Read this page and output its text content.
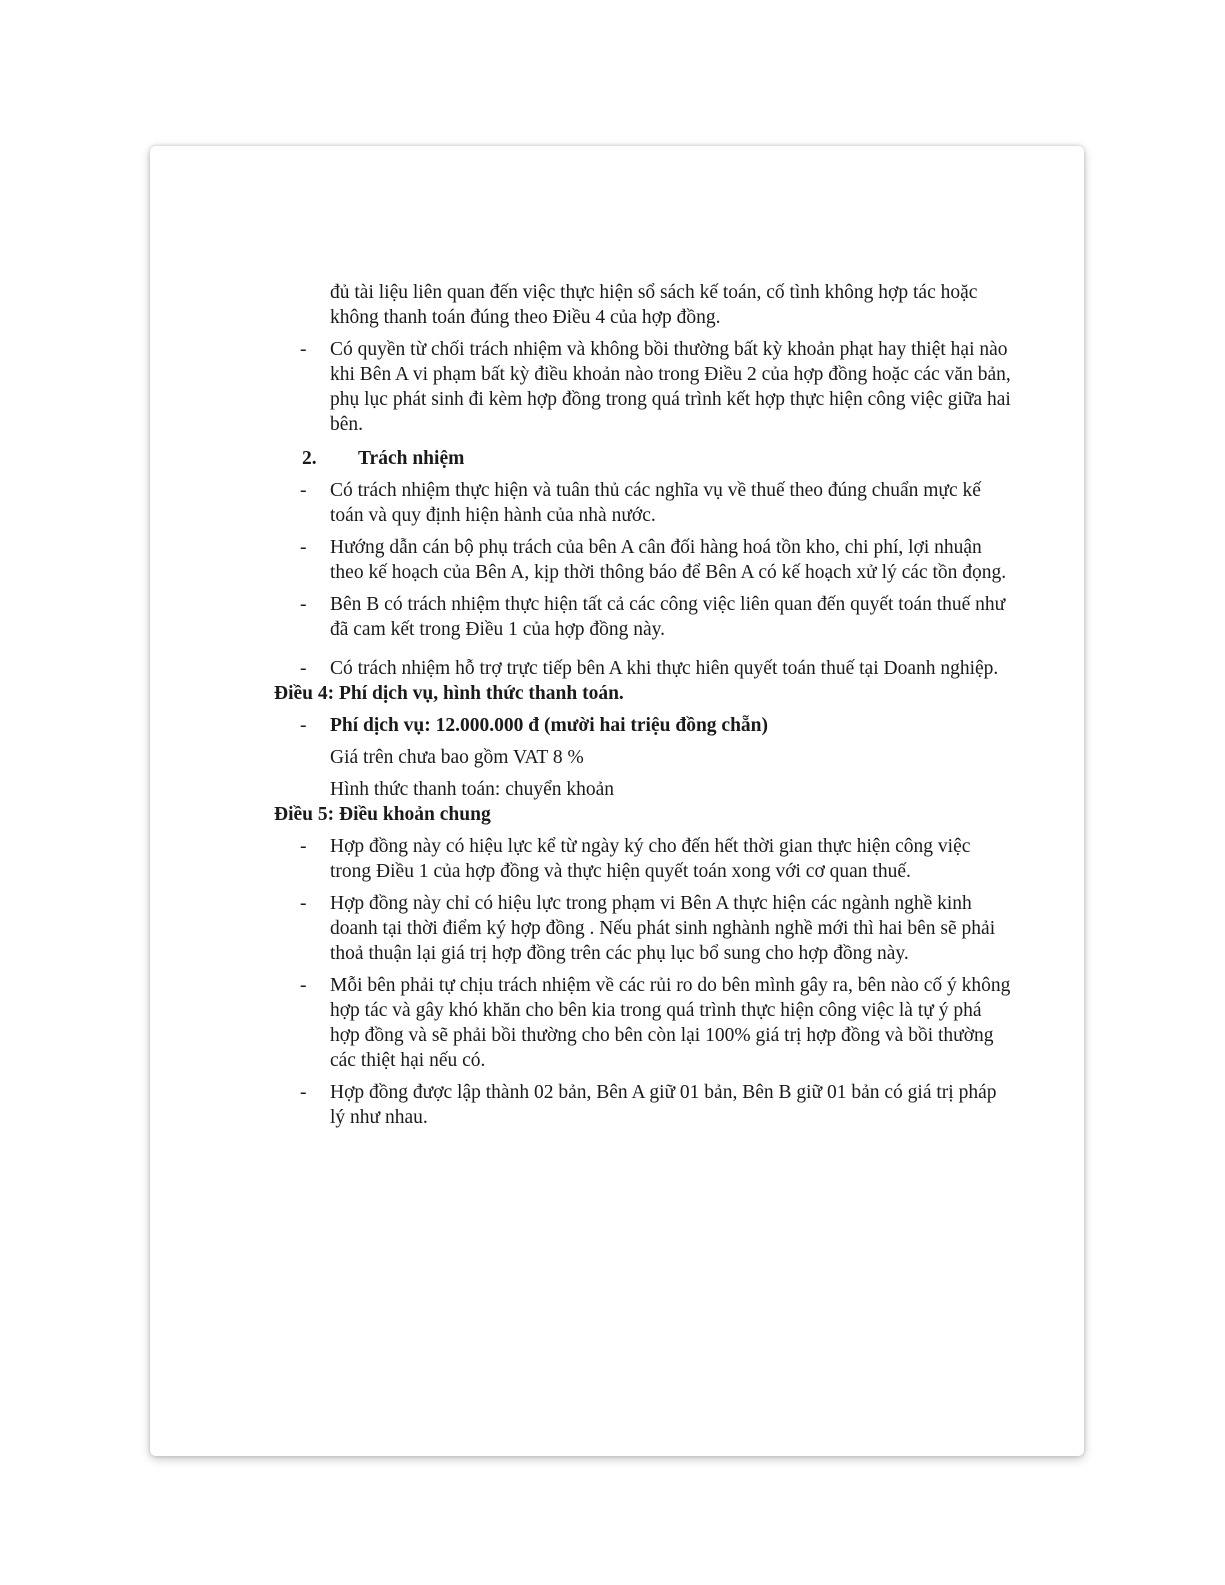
đủ tài liệu liên quan đến việc thực hiện sổ sách kế toán, cố tình không hợp tác hoặc không thanh toán đúng theo Điều 4 của hợp đồng.

- Có quyền từ chối trách nhiệm và không bồi thường bất kỳ khoản phạt hay thiệt hại nào khi Bên A vi phạm bất kỳ điều khoản nào trong Điều 2 của hợp đồng hoặc các văn bản, phụ lục phát sinh đi kèm hợp đồng trong quá trình kết hợp thực hiện công việc giữa hai bên.
2. Trách nhiệm
- Có trách nhiệm thực hiện và tuân thủ các nghĩa vụ về thuế theo đúng chuẩn mực kế toán và quy định hiện hành của nhà nước.
- Hướng dẫn cán bộ phụ trách của bên A cân đối hàng hoá tồn kho, chi phí, lợi nhuận theo kế hoạch của Bên A, kịp thời thông báo để Bên A có kế hoạch xử lý các tồn đọng.
- Bên B có trách nhiệm thực hiện tất cả các công việc liên quan đến quyết toán thuế như đã cam kết trong Điều 1 của hợp đồng này.
- Có trách nhiệm hỗ trợ trực tiếp bên A khi thực hiên quyết toán thuế tại Doanh nghiệp.

Điều 4: Phí dịch vụ, hình thức thanh toán.

- Phí dịch vụ: 12.000.000 đ (mười hai triệu đồng chẵn)

Giá trên chưa bao gồm VAT 8 %

Hình thức thanh toán: chuyển khoản

Điều 5: Điều khoản chung

- Hợp đồng này có hiệu lực kể từ ngày ký cho đến hết thời gian thực hiện công việc trong Điều 1 của hợp đồng và thực hiện quyết toán xong với cơ quan thuế.
- Hợp đồng này chỉ có hiệu lực trong phạm vi Bên A thực hiện các ngành nghề kinh doanh tại thời điểm ký hợp đồng . Nếu phát sinh nghành nghề mới thì hai bên sẽ phải thoả thuận lại giá trị hợp đồng trên các phụ lục bổ sung cho hợp đồng này.
- Mỗi bên phải tự chịu trách nhiệm về các rủi ro do bên mình gây ra, bên nào cố ý không hợp tác và gây khó khăn cho bên kia trong quá trình thực hiện công việc là tự ý phá hợp đồng và sẽ phải bồi thường cho bên còn lại 100% giá trị hợp đồng và bồi thường các thiệt hại nếu có.
- Hợp đồng được lập thành 02 bản, Bên A giữ 01 bản, Bên B giữ 01 bản có giá trị pháp lý như nhau.
